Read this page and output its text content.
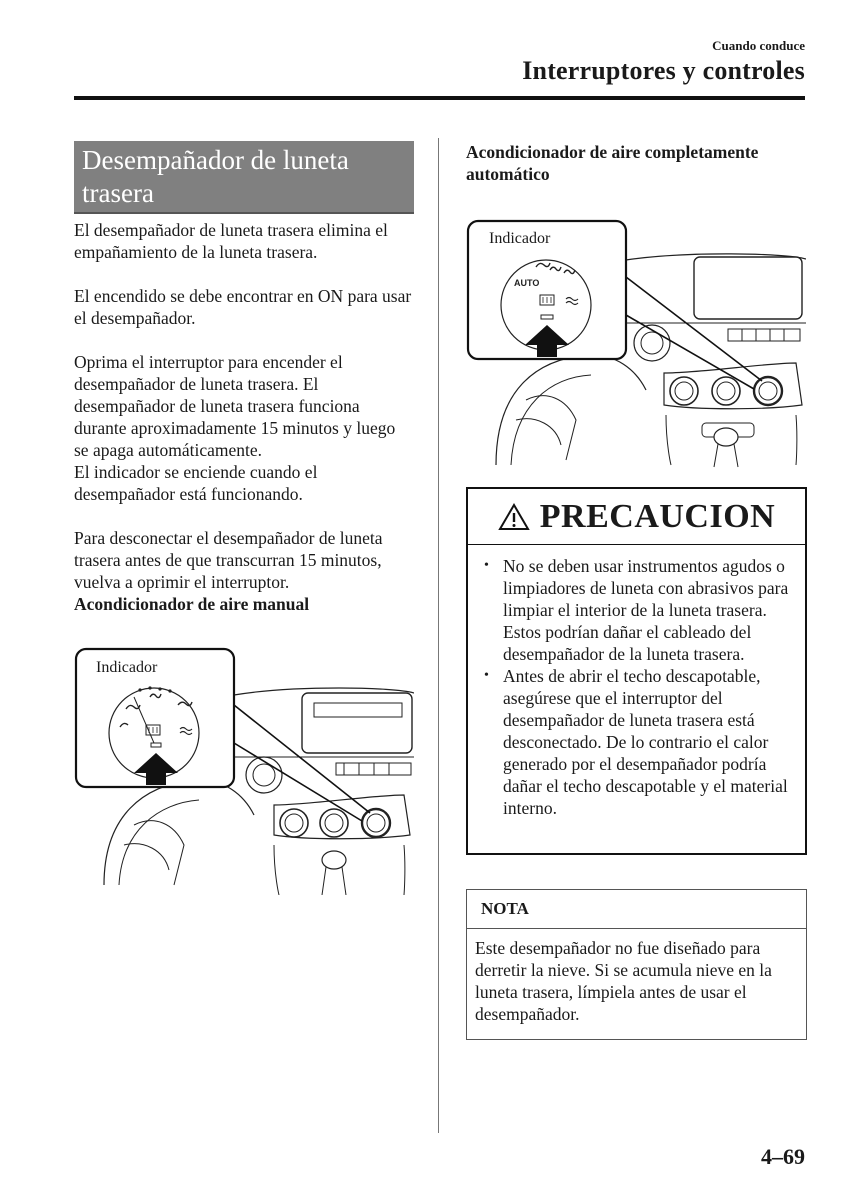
Cuando conduce
Interruptores y controles
Desempañador de luneta trasera

El desempañador de luneta trasera elimina el empañamiento de la luneta trasera.

El encendido se debe encontrar en ON para usar el desempañador.

Oprima el interruptor para encender el desempañador de luneta trasera. El desempañador de luneta trasera funciona durante aproximadamente 15 minutos y luego se apaga automáticamente.

El indicador se enciende cuando el desempañador está funcionando.

Para desconectar el desempañador de luneta trasera antes de que transcurran 15 minutos, vuelva a oprimir el interruptor.

Acondicionador de aire manual
Indicador
Acondicionador de aire completamente automático
AUTO
Indicador
PRECAUCION
• No se deben usar instrumentos agudos o limpiadores de luneta con abrasivos para limpiar el interior de la luneta trasera. Estos podrían dañar el cableado del desempañador de la luneta trasera.
• Antes de abrir el techo descapotable, asegúrese que el interruptor del desempañador de luneta trasera está desconectado. De lo contrario el calor generado por el desempañador podría dañar el techo descapotable y el material interno.
NOTA
Este desempañador no fue diseñado para derretir la nieve. Si se acumula nieve en la luneta trasera, límpiela antes de usar el desempañador.
4–69
